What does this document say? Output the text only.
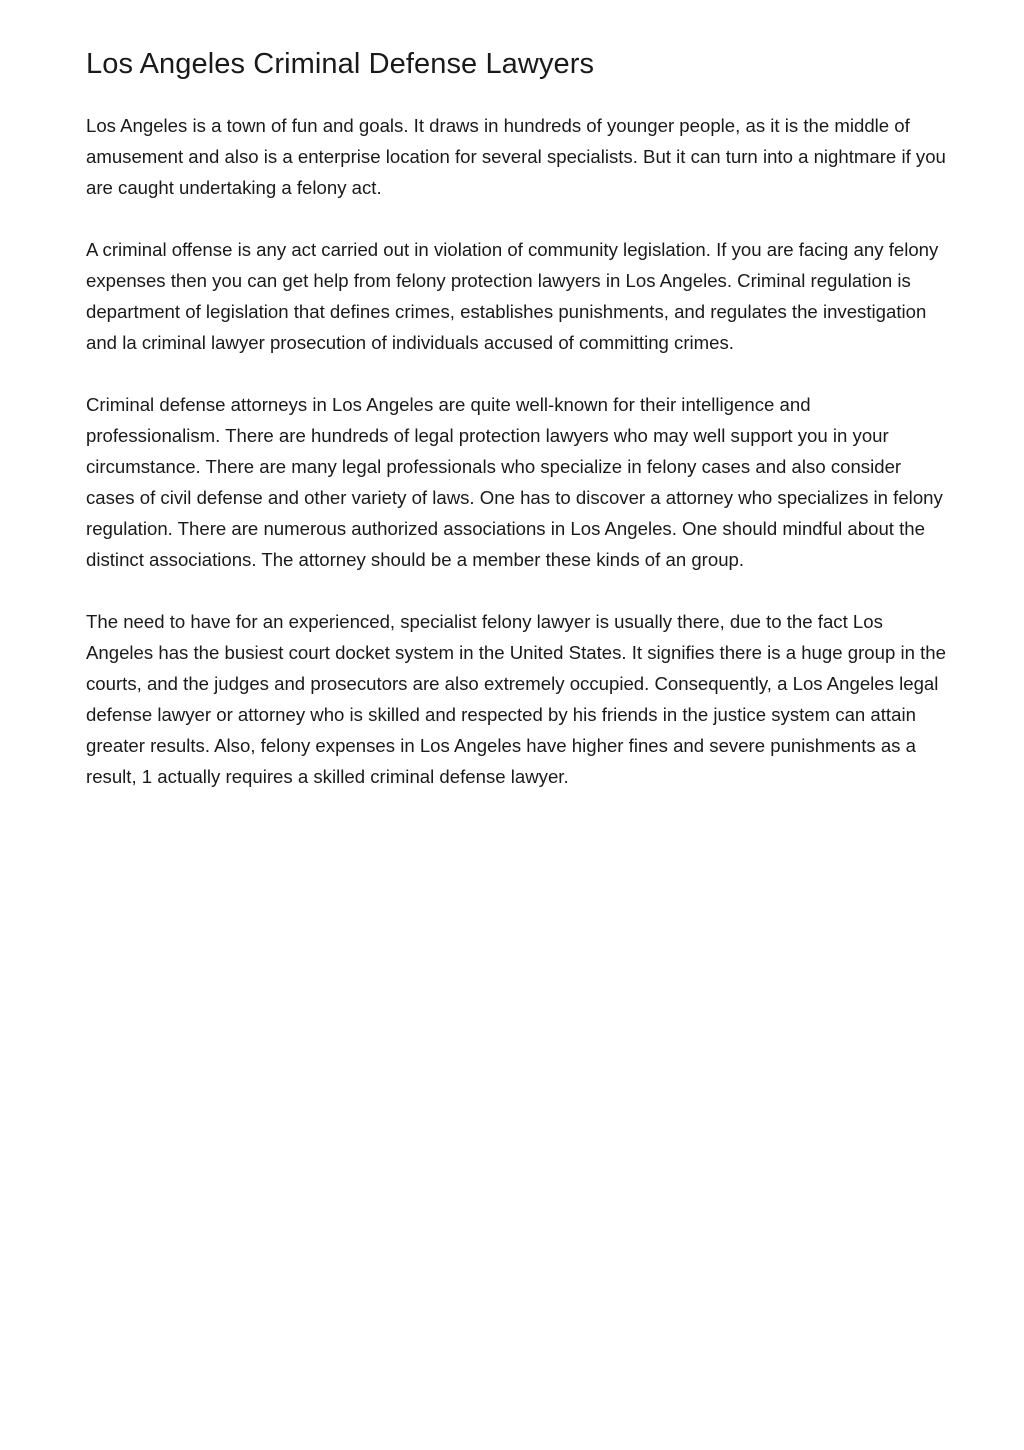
Los Angeles Criminal Defense Lawyers

Los Angeles is a town of fun and goals. It draws in hundreds of younger people, as it is the middle of amusement and also is a enterprise location for several specialists. But it can turn into a nightmare if you are caught undertaking a felony act.

A criminal offense is any act carried out in violation of community legislation. If you are facing any felony expenses then you can get help from felony protection lawyers in Los Angeles. Criminal regulation is department of legislation that defines crimes, establishes punishments, and regulates the investigation and la criminal lawyer prosecution of individuals accused of committing crimes.

Criminal defense attorneys in Los Angeles are quite well-known for their intelligence and professionalism. There are hundreds of legal protection lawyers who may well support you in your circumstance. There are many legal professionals who specialize in felony cases and also consider cases of civil defense and other variety of laws. One has to discover a attorney who specializes in felony regulation. There are numerous authorized associations in Los Angeles. One should mindful about the distinct associations. The attorney should be a member these kinds of an group.

The need to have for an experienced, specialist felony lawyer is usually there, due to the fact Los Angeles has the busiest court docket system in the United States. It signifies there is a huge group in the courts, and the judges and prosecutors are also extremely occupied. Consequently, a Los Angeles legal defense lawyer or attorney who is skilled and respected by his friends in the justice system can attain greater results. Also, felony expenses in Los Angeles have higher fines and severe punishments as a result, 1 actually requires a skilled criminal defense lawyer.
